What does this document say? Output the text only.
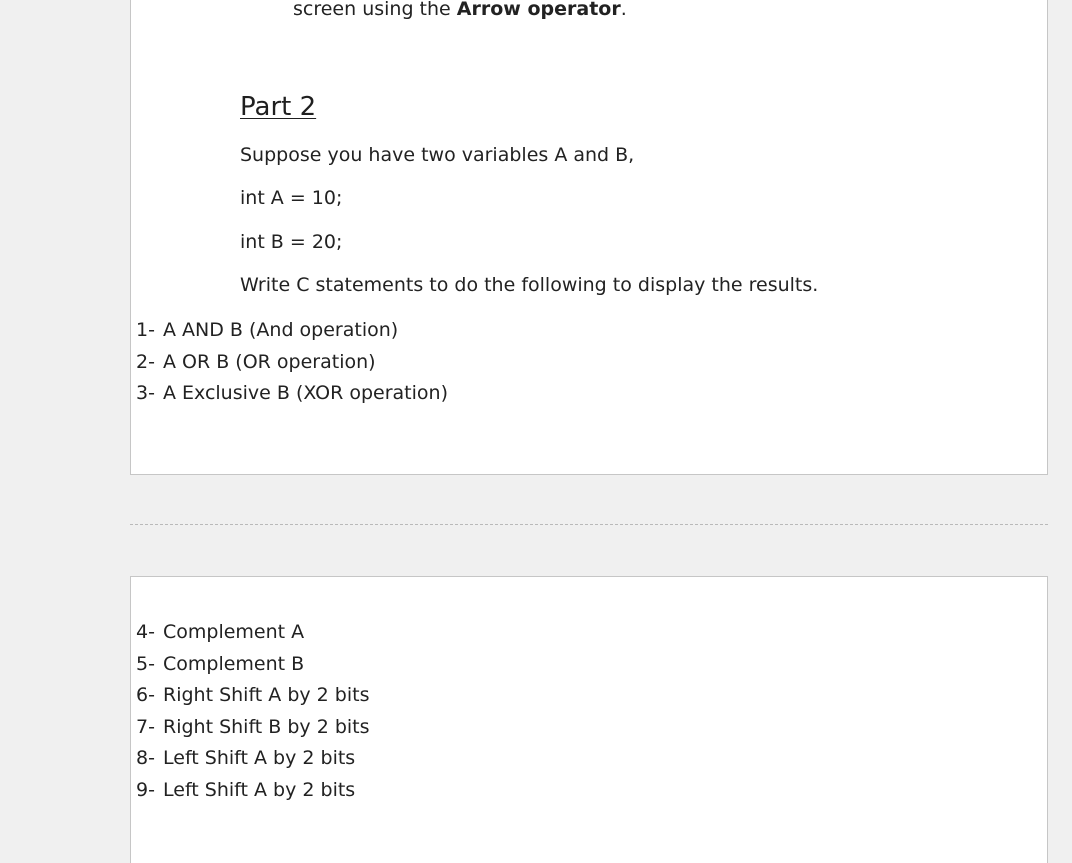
screen using the Arrow operator.
Part 2
Suppose you have two variables A and B,
int A = 10;
int B = 20;
Write C statements to do the following to display the results.
1- A AND B (And operation)
2- A OR B (OR operation)
3- A Exclusive B (XOR operation)
4- Complement A
5- Complement B
6- Right Shift A by 2 bits
7- Right Shift B by 2 bits
8- Left Shift A by 2 bits
9- Left Shift A by 2 bits
